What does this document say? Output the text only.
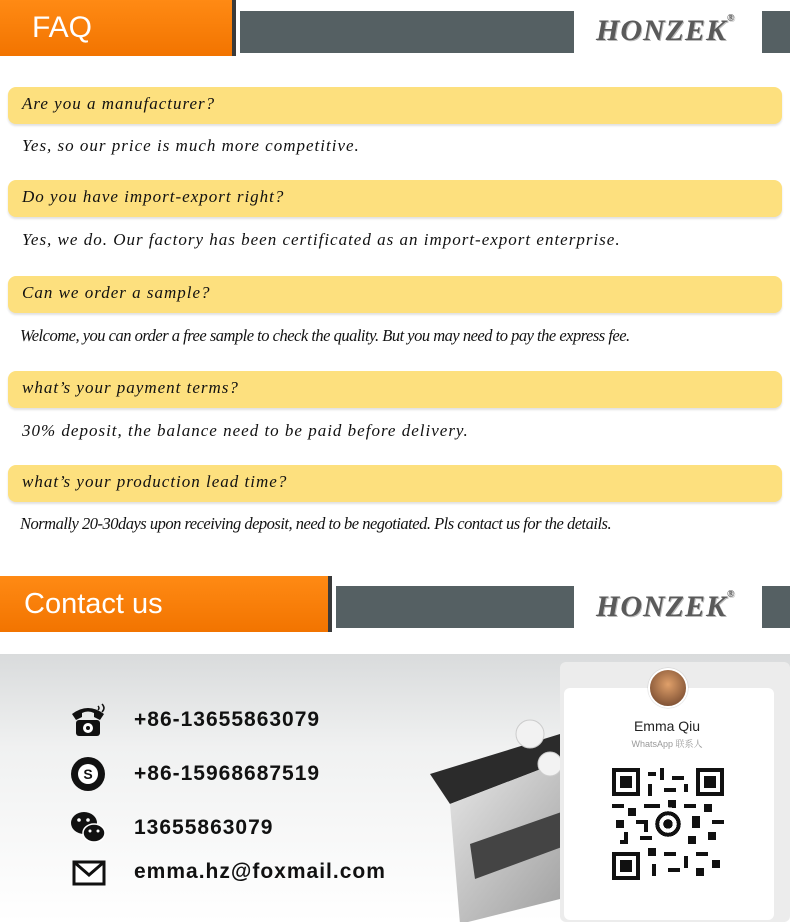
FAQ	HONZEK®
Are you a manufacturer?
Yes, so our price is much more competitive.
Do you have import-export right?
Yes, we do. Our factory has been certificated as an import-export enterprise.
Can we order a sample?
Welcome, you can order a free sample to check the quality. But you may need to pay the express fee.
what’s your payment terms?
30% deposit, the balance need to be paid before delivery.
what’s your production lead time?
Normally 20-30days upon receiving deposit, need to be negotiated. Pls contact us for the details.
Contact us	HONZEK®
+86-13655863079
S +86-15968687519
13655863079
emma.hz@foxmail.com
Emma Qiu
WhatsApp 联系人
